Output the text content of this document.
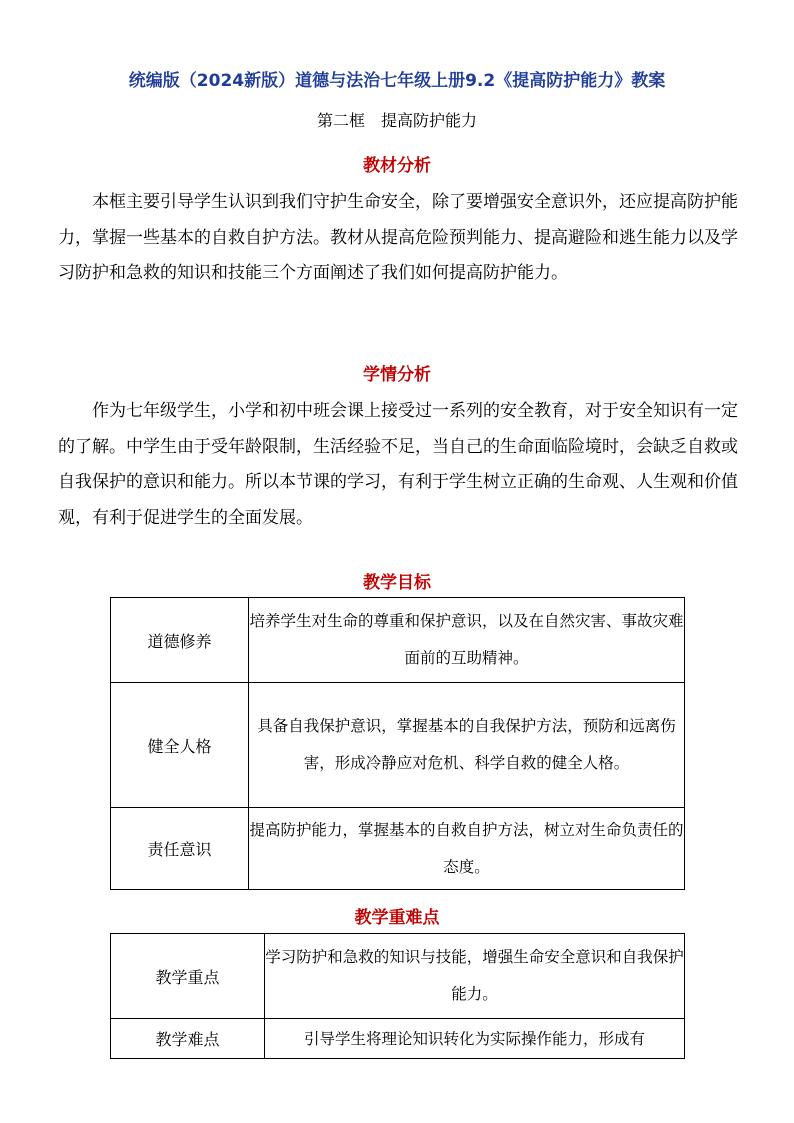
统编版（2024新版）道德与法治七年级上册9.2《提高防护能力》教案
第二框　提高防护能力
教材分析

本框主要引导学生认识到我们守护生命安全，除了要增强安全意识外，还应提高防护能力，掌握一些基本的自救自护方法。教材从提高危险预判能力、提高避险和逃生能力以及学习防护和急救的知识和技能三个方面阐述了我们如何提高防护能力。

学情分析

作为七年级学生，小学和初中班会课上接受过一系列的安全教育，对于安全知识有一定的了解。中学生由于受年龄限制，生活经验不足，当自己的生命面临险境时，会缺乏自救或自我保护的意识和能力。所以本节课的学习，有利于学生树立正确的生命观、人生观和价值观，有利于促进学生的全面发展。

教学目标
道德修养	培养学生对生命的尊重和保护意识，以及在自然灾害、事故灾难面前的互助精神。
健全人格	具备自我保护意识，掌握基本的自我保护方法，预防和远离伤害，形成冷静应对危机、科学自救的健全人格。
责任意识	提高防护能力，掌握基本的自救自护方法，树立对生命负责任的态度。
教学重难点
教学重点	学习防护和急救的知识与技能，增强生命安全意识和自我保护能力。
教学难点	引导学生将理论知识转化为实际操作能力，形成有
